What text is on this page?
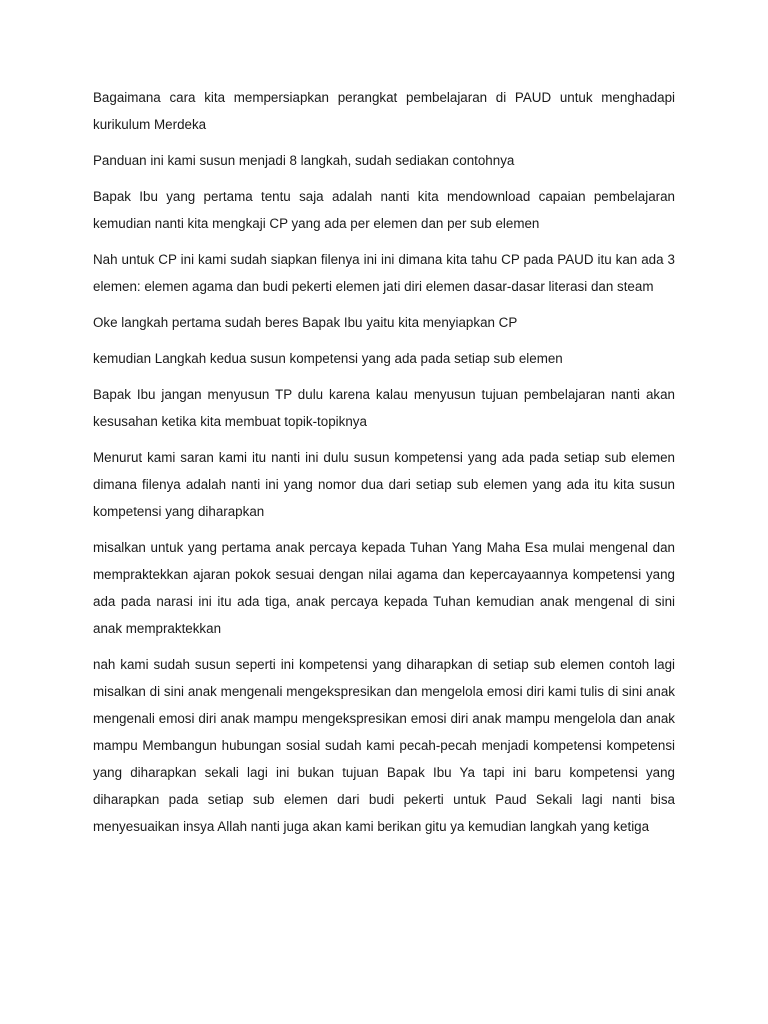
Bagaimana cara kita mempersiapkan perangkat pembelajaran di PAUD untuk menghadapi kurikulum Merdeka

Panduan ini kami susun menjadi 8 langkah, sudah sediakan contohnya

Bapak Ibu yang pertama tentu saja adalah nanti kita mendownload capaian pembelajaran kemudian nanti kita mengkaji CP yang ada per elemen dan per sub elemen

Nah untuk CP ini kami sudah siapkan filenya ini ini dimana kita tahu CP pada PAUD itu kan ada 3 elemen: elemen agama dan budi pekerti elemen jati diri elemen dasar-dasar literasi dan steam

Oke langkah pertama sudah beres Bapak Ibu yaitu kita menyiapkan CP

kemudian Langkah kedua susun kompetensi yang ada pada setiap sub elemen

Bapak Ibu jangan menyusun TP dulu karena kalau menyusun tujuan pembelajaran nanti akan kesusahan ketika kita membuat topik-topiknya

Menurut kami saran kami itu nanti ini dulu susun kompetensi yang ada pada setiap sub elemen dimana filenya adalah nanti ini yang nomor dua dari setiap sub elemen yang ada itu kita susun kompetensi yang diharapkan

misalkan untuk yang pertama anak percaya kepada Tuhan Yang Maha Esa mulai mengenal dan mempraktekkan ajaran pokok sesuai dengan nilai agama dan kepercayaannya kompetensi yang ada pada narasi ini itu ada tiga, anak percaya kepada Tuhan kemudian anak mengenal di sini anak mempraktekkan

nah kami sudah susun seperti ini kompetensi yang diharapkan di setiap sub elemen contoh lagi misalkan di sini anak mengenali mengekspresikan dan mengelola emosi diri kami tulis di sini anak mengenali emosi diri anak mampu mengekspresikan emosi diri anak mampu mengelola dan anak mampu Membangun hubungan sosial sudah kami pecah-pecah menjadi kompetensi kompetensi yang diharapkan sekali lagi ini bukan tujuan Bapak Ibu Ya tapi ini baru kompetensi yang diharapkan pada setiap sub elemen dari budi pekerti untuk Paud Sekali lagi nanti bisa menyesuaikan insya Allah nanti juga akan kami berikan gitu ya kemudian langkah yang ketiga
